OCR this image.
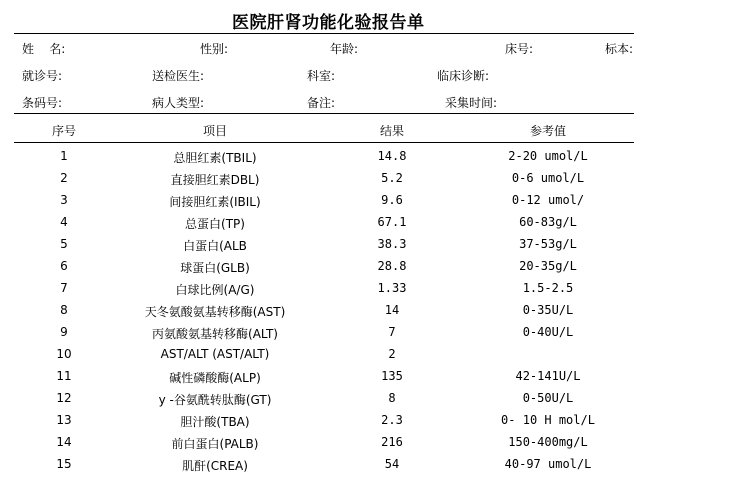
医院肝肾功能化验报告单
姓    名:	性别:	年龄:	床号:	标本:
就诊号:	送检医生:	科室:	临床诊断:
条码号:	病人类型:	备注:	采集时间:
序号	项目	结果	参考值
1	总胆红素(TBIL)	14.8	2-20 umol/L
2	直接胆红素DBL)	5.2	0-6 umol/L
3	间接胆红素(IBIL)	9.6	0-12 umol/
4	总蛋白(TP)	67.1	60-83g/L
5	白蛋白(ALB	38.3	37-53g/L
6	球蛋白(GLB)	28.8	20-35g/L
7	白球比例(A/G)	1.33	1.5-2.5
8	天冬氨酸氨基转移酶(AST)	14	0-35U/L
9	丙氨酸氨基转移酶(ALT)	7	0-40U/L
10	AST/ALT (AST/ALT)	2
11	碱性磷酸酶(ALP)	135	42-141U/L
12	y -谷氨酰转肽酶(GT)	8	0-50U/L
13	胆汁酸(TBA)	2.3	0- 10 H mol/L
14	前白蛋白(PALB)	216	150-400mg/L
15	肌酐(CREA)	54	40-97 umol/L
